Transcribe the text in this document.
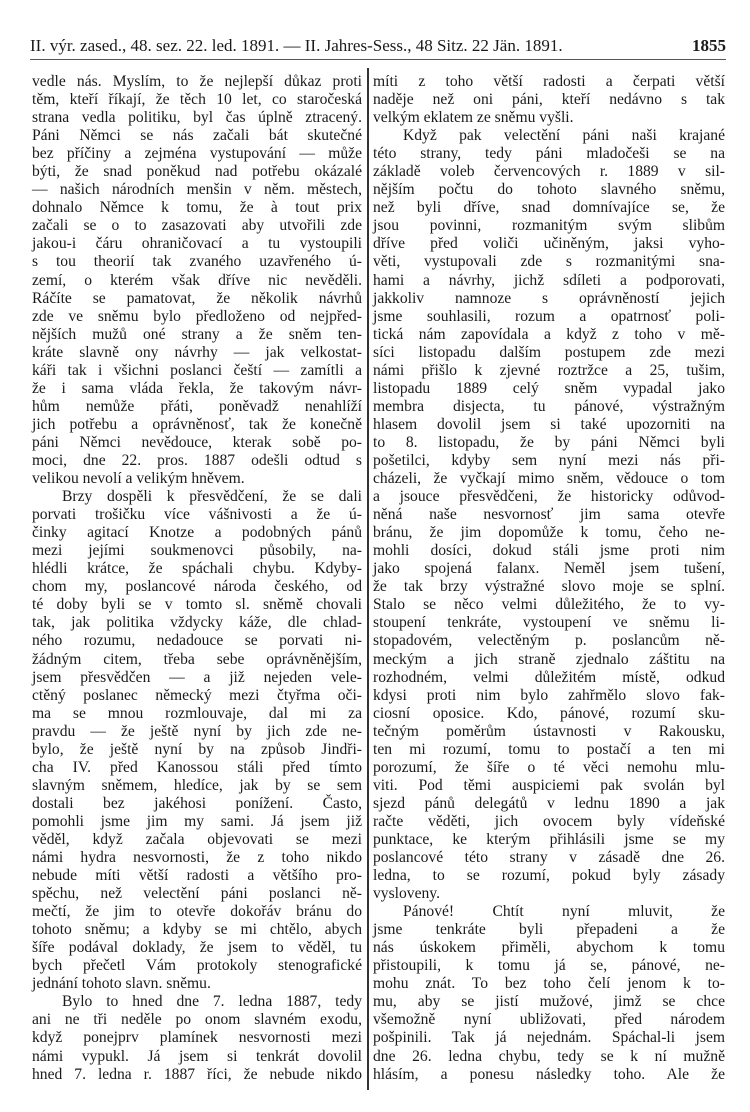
II. výr. zased., 48. sez. 22. led. 1891. — II. Jahres-Sess., 48 Sitz. 22 Jän. 1891.	1855
vedle nás. Myslím, to že nejlepší důkaz proti
těm, kteří říkají, že těch 10 let, co staročeská
strana vedla politiku, byl čas úplně ztracený.
Páni Němci se nás začali bát skutečné
bez příčiny a zejména vystupování — může
býti, že snad poněkud nad potřebu okázalé
— našich národních menšin v něm. městech,
dohnalo Němce k tomu, že à tout prix
začali se o to zasazovati aby utvořili zde
jakou-i čáru ohraničovací a tu vystoupili
s tou theorií tak zvaného uzavřeného ú-
zemí, o kterém však dříve nic nevěděli.
Ráčíte se pamatovat, že několik návrhů
zde ve sněmu bylo předloženo od nejpřed-
nějších mužů oné strany a že sněm ten-
kráte slavně ony návrhy — jak velkostat-
káři tak i všichni poslanci čeští — zamítli a
že i sama vláda řekla, že takovým návr-
hům nemůže přáti, poněvadž nenahlíží
jich potřebu a oprávněnosť, tak že konečně
páni Němci nevědouce, kterak sobě po-
moci, dne 22. pros. 1887 odešli odtud s
velikou nevolí a velikým hněvem.
Brzy dospěli k přesvědčení, že se dali
porvati trošičku více vášnivosti a že ú-
činky agitací Knotze a podobných pánů
mezi jejími soukmenovci působily, na-
hlédli krátce, že spáchali chybu. Kdyby-
chom my, poslancové národa českého, od
té doby byli se v tomto sl. sněmě chovali
tak, jak politika vždycky káže, dle chlad-
ného rozumu, nedadouce se porvati ni-
žádným citem, třeba sebe oprávněnějším,
jsem přesvědčen — a již nejeden vele-
ctěný poslanec německý mezi čtyřma oči-
ma se mnou rozmlouvaje, dal mi za
pravdu — že ještě nyní by jich zde ne-
bylo, že ještě nyní by na způsob Jindři-
cha IV. před Kanossou stáli před tímto
slavným sněmem, hledíce, jak by se sem
dostali bez jakéhosi ponížení. Často,
pomohli jsme jim my sami. Já jsem již
věděl, když začala objevovati se mezi
námi hydra nesvornosti, že z toho nikdo
nebude míti větší radosti a většího pro-
spěchu, než velectění páni poslanci ně-
mečtí, že jim to otevře dokořáv bránu do
tohoto sněmu; a kdyby se mi chtělo, abych
šíře podával doklady, že jsem to věděl, tu
bych přečetl Vám protokoly stenografické
jednání tohoto slavn. sněmu.
Bylo to hned dne 7. ledna 1887, tedy
ani ne tři neděle po onom slavném exodu,
když ponejprv plamínek nesvornosti mezi
námi vypukl. Já jsem si tenkrát dovolil
hned 7. ledna r. 1887 říci, že nebude nikdo
míti z toho větší radosti a čerpati větší
naděje než oni páni, kteří nedávno s tak
velkým eklatem ze sněmu vyšli.
Když pak velectění páni naši krajané
této strany, tedy páni mladočeši se na
základě voleb červencových r. 1889 v sil-
nějším počtu do tohoto slavného sněmu,
než byli dříve, snad domnívajíce se, že
jsou povinni, rozmanitým svým slibům
dříve před voliči učiněným, jaksi vyho-
věti, vystupovali zde s rozmanitými sna-
hami a návrhy, jichž sdíleti a podporovati,
jakkoliv namnoze s oprávněností jejich
jsme souhlasili, rozum a opatrnosť poli-
tická nám zapovídala a když z toho v mě-
síci listopadu dalším postupem zde mezi
námi přišlo k zjevné roztržce a 25, tušim,
listopadu 1889 celý sněm vypadal jako
membra disjecta, tu pánové, výstražným
hlasem dovolil jsem si také upozorniti na
to 8. listopadu, že by páni Němci byli
pošetilci, kdyby sem nyní mezi nás při-
cházeli, že vyčkají mimo sněm, vědouce o tom
a jsouce přesvědčeni, že historicky odůvod-
něná naše nesvornosť jim sama otevře
bránu, že jim dopomůže k tomu, čeho ne-
mohli dosíci, dokud stáli jsme proti nim
jako spojená falanx. Neměl jsem tušení,
že tak brzy výstražné slovo moje se splní.
Stalo se něco velmi důležitého, že to vy-
stoupení tenkráte, vystoupení ve sněmu li-
stopadovém, velectěným p. poslancům ně-
meckým a jich straně zjednalo záštitu na
rozhodném, velmi důležitém místě, odkud
kdysi proti nim bylo zahřmělo slovo fak-
ciosní oposice. Kdo, pánové, rozumí sku-
tečným poměrům ústavnosti v Rakousku,
ten mi rozumí, tomu to postačí a ten mi
porozumí, že šíře o té věci nemohu mlu-
viti. Pod těmi auspiciemi pak svolán byl
sjezd pánů delegátů v lednu 1890 a jak
račte věděti, jich ovocem byly vídeňské
punktace, ke kterým přihlásili jsme se my
poslancové této strany v zásadě dne 26.
ledna, to se rozumí, pokud byly zásady
vysloveny.
Pánové! Chtít nyní mluvit, že
jsme tenkráte byli přepadeni a že
nás úskokem přiměli, abychom k tomu
přistoupili, k tomu já se, pánové, ne-
mohu znát. To bez toho čelí jenom k to-
mu, aby se jistí mužové, jimž se chce
všemožně nyní ubližovati, před národem
pošpinili. Tak já nejednám. Spáchal-li jsem
dne 26. ledna chybu, tedy se k ní mužně
hlásím, a ponesu následky toho. Ale že
